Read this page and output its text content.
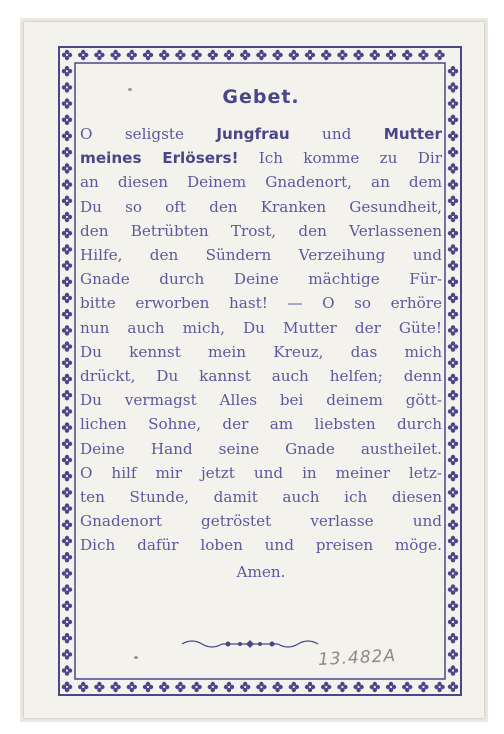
Gebet.
O seligste Jungfrau und Mutter
meines Erlösers! Ich komme zu Dir
an diesen Deinem Gnadenort, an dem
Du so oft den Kranken Gesundheit,
den Betrübten Trost, den Verlassenen
Hilfe, den Sündern Verzeihung und
Gnade durch Deine mächtige Für-
bitte erworben hast! — O so erhöre
nun auch mich, Du Mutter der Güte!
Du kennst mein Kreuz, das mich
drückt, Du kannst auch helfen; denn
Du vermagst Alles bei deinem gött-
lichen Sohne, der am liebsten durch
Deine Hand seine Gnade austheilet.
O hilf mir jetzt und in meiner letz-
ten Stunde, damit auch ich diesen
Gnadenort getröstet verlasse und
Dich dafür loben und preisen möge.
Amen.
13.482A
